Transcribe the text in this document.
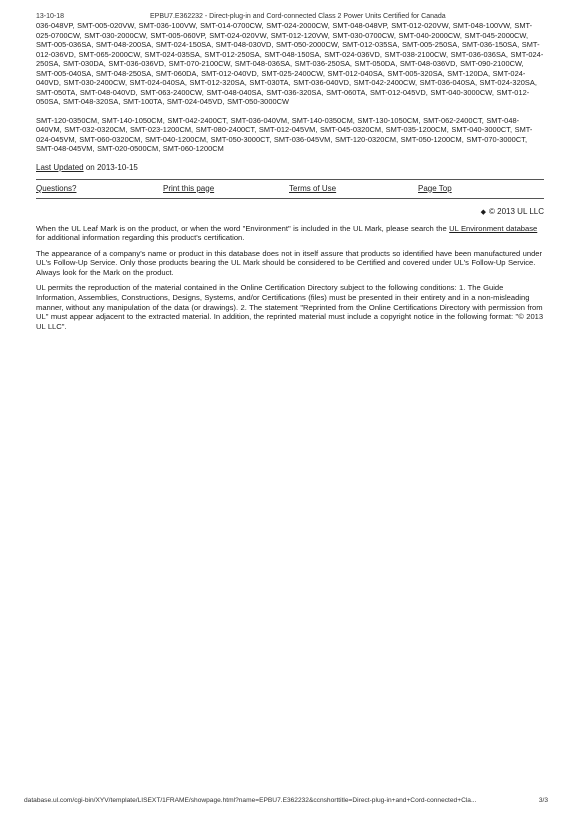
13-10-18	EPBU7.E362232 - Direct-plug-in and Cord-connected Class 2 Power Units Certified for Canada

036-048VP, SMT-005-020VW, SMT-036-100VW, SMT-014-0700CW, SMT-024-2000CW, SMT-048-048VP, SMT-012-020VW, SMT-048-100VW, SMT-025-0700CW, SMT-030-2000CW, SMT-005-060VP, SMT-024-020VW, SMT-012-120VW, SMT-030-0700CW, SMT-040-2000CW, SMT-045-2000CW, SMT-005-036SA, SMT-048-200SA, SMT-024-150SA, SMT-048-030VD, SMT-050-2000CW, SMT-012-035SA, SMT-005-250SA, SMT-036-150SA, SMT-012-036VD, SMT-065-2000CW, SMT-024-035SA, SMT-012-250SA, SMT-048-150SA, SMT-024-036VD, SMT-038-2100CW, SMT-036-036SA, SMT-024-250SA, SMT-030DA, SMT-036-036VD, SMT-070-2100CW, SMT-048-036SA, SMT-036-250SA, SMT-050DA, SMT-048-036VD, SMT-090-2100CW, SMT-005-040SA, SMT-048-250SA, SMT-060DA, SMT-012-040VD, SMT-025-2400CW, SMT-012-040SA, SMT-005-320SA, SMT-120DA, SMT-024-040VD, SMT-030-2400CW, SMT-024-040SA, SMT-012-320SA, SMT-030TA, SMT-036-040VD, SMT-042-2400CW, SMT-036-040SA, SMT-024-320SA, SMT-050TA, SMT-048-040VD, SMT-063-2400CW, SMT-048-040SA, SMT-036-320SA, SMT-060TA, SMT-012-045VD, SMT-040-3000CW, SMT-012-050SA, SMT-048-320SA, SMT-100TA, SMT-024-045VD, SMT-050-3000CW

SMT-120-0350CM, SMT-140-1050CM, SMT-042-2400CT, SMT-036-040VM, SMT-140-0350CM, SMT-130-1050CM, SMT-062-2400CT, SMT-048-040VM, SMT-032-0320CM, SMT-023-1200CM, SMT-080-2400CT, SMT-012-045VM, SMT-045-0320CM, SMT-035-1200CM, SMT-040-3000CT, SMT-024-045VM, SMT-060-0320CM, SMT-040-1200CM, SMT-050-3000CT, SMT-036-045VM, SMT-120-0320CM, SMT-050-1200CM, SMT-070-3000CT, SMT-048-045VM, SMT-020-0500CM, SMT-060-1200CM

Last Updated on 2013-10-15
Questions?	Print this page	Terms of Use	Page Top
◆ © 2013 UL LLC

When the UL Leaf Mark is on the product, or when the word "Environment" is included in the UL Mark, please search the UL Environment database for additional information regarding this product's certification.

The appearance of a company's name or product in this database does not in itself assure that products so identified have been manufactured under UL's Follow-Up Service. Only those products bearing the UL Mark should be considered to be Certified and covered under UL's Follow-Up Service. Always look for the Mark on the product.

UL permits the reproduction of the material contained in the Online Certification Directory subject to the following conditions: 1. The Guide Information, Assemblies, Constructions, Designs, Systems, and/or Certifications (files) must be presented in their entirety and in a non-misleading manner, without any manipulation of the data (or drawings). 2. The statement "Reprinted from the Online Certifications Directory with permission from UL" must appear adjacent to the extracted material. In addition, the reprinted material must include a copyright notice in the following format: "© 2013 UL LLC".

database.ul.com/cgi-bin/XYV/template/LISEXT/1FRAME/showpage.html?name=EPBU7.E362232&ccnshorttitle=Direct-plug-in+and+Cord-connected+Cla...	3/3
